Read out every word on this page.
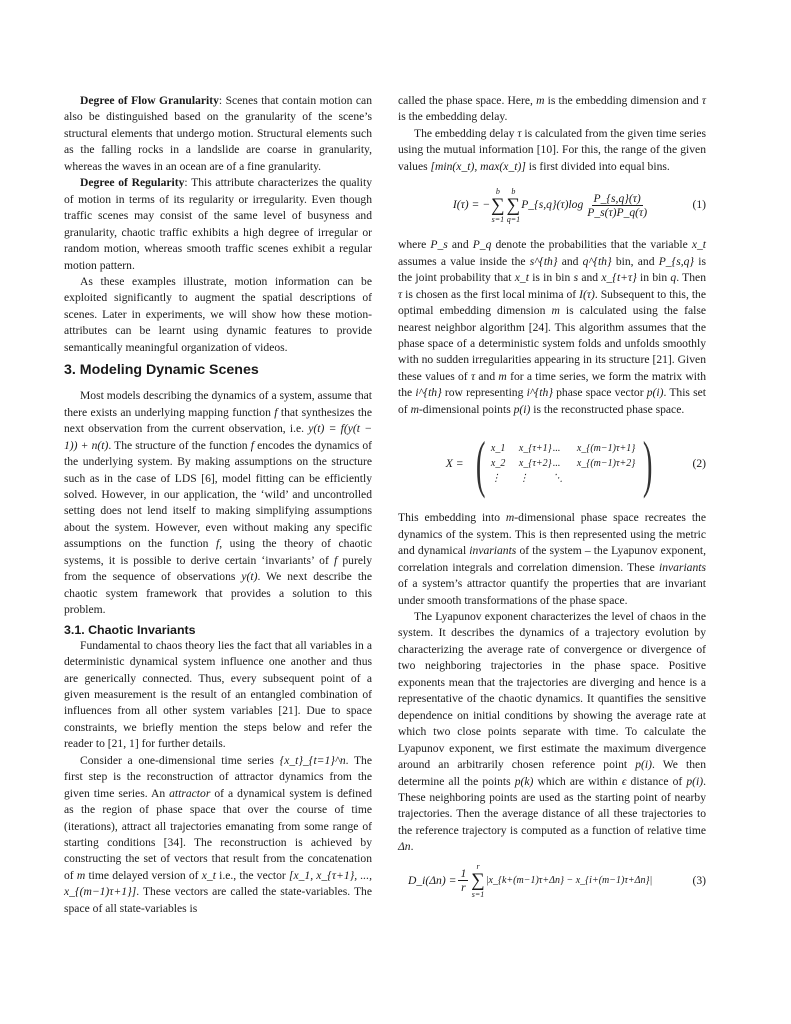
Degree of Flow Granularity: Scenes that contain motion can also be distinguished based on the granularity of the scene’s structural elements that undergo motion. Structural elements such as the falling rocks in a landslide are coarse in granularity, whereas the waves in an ocean are of a fine granularity.

Degree of Regularity: This attribute characterizes the quality of motion in terms of its regularity or irregularity. Even though traffic scenes may consist of the same level of busyness and granularity, chaotic traffic exhibits a high degree of irregular or random motion, whereas smooth traffic scenes exhibit a regular motion pattern.

As these examples illustrate, motion information can be exploited significantly to augment the spatial descriptions of scenes. Later in experiments, we will show how these motion-attributes can be learnt using dynamic features to provide semantically meaningful organization of videos.

3. Modeling Dynamic Scenes

Most models describing the dynamics of a system, assume that there exists an underlying mapping function f that synthesizes the next observation from the current observation, i.e. y(t) = f(y(t − 1)) + n(t). The structure of the function f encodes the dynamics of the underlying system. By making assumptions on the structure such as in the case of LDS [6], model fitting can be efficiently solved. However, in our application, the ‘wild’ and uncontrolled setting does not lend itself to making simplifying assumptions about the system. However, even without making any specific assumptions on the function f, using the theory of chaotic systems, it is possible to derive certain ‘invariants’ of f purely from the sequence of observations y(t). We next describe the chaotic system framework that provides a solution to this problem.

3.1. Chaotic Invariants

Fundamental to chaos theory lies the fact that all variables in a deterministic dynamical system influence one another and thus are generically connected. Thus, every subsequent point of a given measurement is the result of an entangled combination of influences from all other system variables [21]. Due to space constraints, we briefly mention the steps below and refer the reader to [21, 1] for further details.

Consider a one-dimensional time series {x_t}_{t=1}^n. The first step is the reconstruction of attractor dynamics from the given time series. An attractor of a dynamical system is defined as the region of phase space that over the course of time (iterations), attract all trajectories emanating from some range of starting conditions [34]. The reconstruction is achieved by constructing the set of vectors that result from the concatenation of m time delayed version of x_t i.e., the vector [x_1, x_{τ+1}, ..., x_{(m−1)τ+1}]. These vectors are called the state-variables. The space of all state-variables is

called the phase space. Here, m is the embedding dimension and τ is the embedding delay.

The embedding delay τ is calculated from the given time series using the mutual information [10]. For this, the range of the given values [min(x_t), max(x_t)] is first divided into equal bins.

I(τ) = −
b
∑
s=1
b
∑
q=1
P_{s,q}(τ)log $\frac{P\_\{s,q\}(\tau)}{P\_s(\tau)P\_q(\tau)}$	(1)

where P_s and P_q denote the probabilities that the variable x_t assumes a value inside the s^{th} and q^{th} bin, and P_{s,q} is the joint probability that x_t is in bin s and x_{t+τ} in bin q. Then τ is chosen as the first local minima of I(τ). Subsequent to this, the optimal embedding dimension m is calculated using the false nearest neighbor algorithm [24]. This algorithm assumes that the phase space of a deterministic system folds and unfolds smoothly with no sudden irregularities appearing in its structure [21]. Given these values of τ and m for a time series, we form the matrix with the i^{th} row representing i^{th} phase space vector p(i). This set of m-dimensional points p(i) is the reconstructed phase space.

X = ( x_1	x_{τ+1} ...	x_{(m−1)τ+1}
x_2	x_{τ+2} ...	x_{(m−1)τ+2}
⋮	⋮	⋱ )	(2)

This embedding into m-dimensional phase space recreates the dynamics of the system. This is then represented using the metric and dynamical invariants of the system – the Lyapunov exponent, correlation integrals and correlation dimension. These invariants of a system’s attractor quantify the properties that are invariant under smooth transformations of the phase space.

The Lyapunov exponent characterizes the level of chaos in the system. It describes the dynamics of a trajectory evolution by characterizing the average rate of convergence or divergence of two neighboring trajectories in the phase space. Positive exponents mean that the trajectories are diverging and hence is a representative of the chaotic dynamics. It quantifies the sensitive dependence on initial conditions by showing the average rate at which two close points separate with time. To calculate the Lyapunov exponent, we first estimate the maximum divergence around an arbitrarily chosen reference point p(i). We then determine all the points p(k) which are within ϵ distance of p(i). These neighboring points are used as the starting point of nearby trajectories. Then the average distance of all these trajectories to the reference trajectory is computed as a function of relative time Δn.

D_i(Δn) = $\frac{1}{r}$
r
∑
s=1
|x_{k+(m−1)τ+Δn} − x_{i+(m−1)τ+Δn}|	(3)
